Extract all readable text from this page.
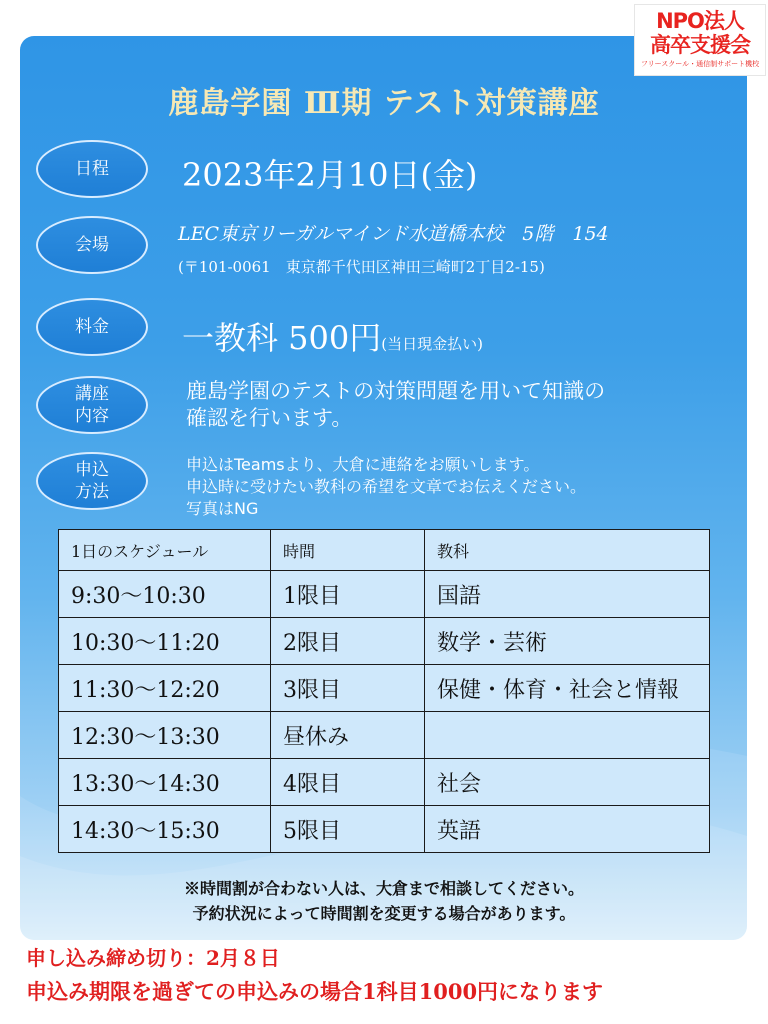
NPO法人
高卒支援会
フリースクール・通信制サポート機校
鹿島学園 Ⅲ期 テスト対策講座
日程	2023年2月10日(金)
会場	LEC東京リーガルマインド水道橋本校　5階　154
(〒101-0061　東京都千代田区神田三崎町2丁目2-15)
料金	一教科 500円(当日現金払い)
講座
内容
鹿島学園のテストの対策問題を用いて知識の
確認を行います。
申込
方法
申込はTeamsより、大倉に連絡をお願いします。
申込時に受けたい教科の希望を文章でお伝えください。
写真はNG
1日のスケジュール	時間	教科
9:30〜10:30	1限目	国語
10:30〜11:20	2限目	数学・芸術
11:30〜12:20	3限目	保健・体育・社会と情報
12:30〜13:30	昼休み	
13:30〜14:30	4限目	社会
14:30〜15:30	5限目	英語
※時間割が合わない人は、大倉まで相談してください。
予約状況によって時間割を変更する場合があります。
申し込み締め切り：2月８日
申込み期限を過ぎての申込みの場合1科目1000円になります
